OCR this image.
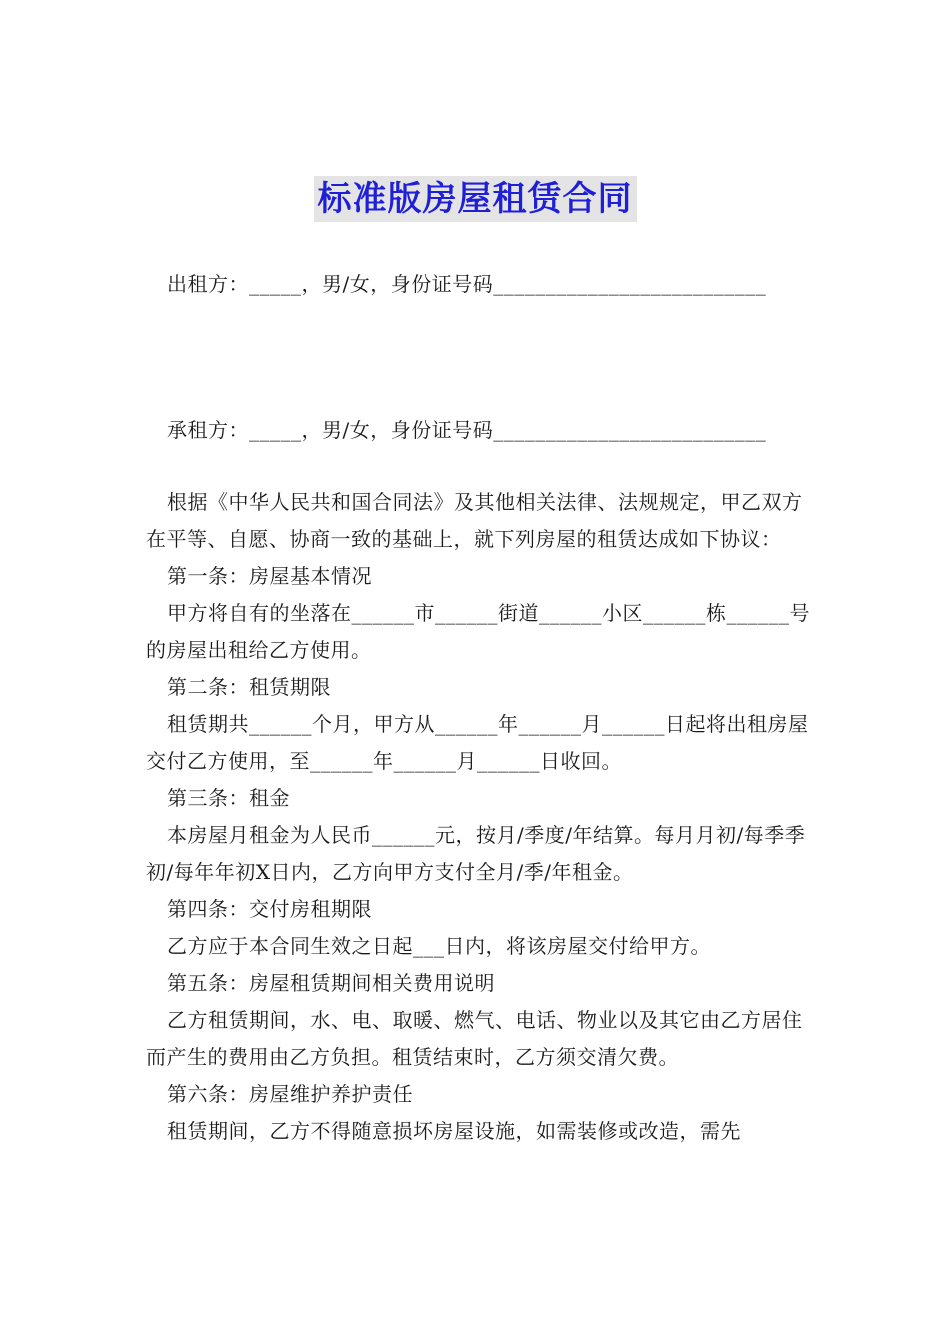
标准版房屋租赁合同

出租方：_____，男/女，身份证号码__________________________

承租方：_____，男/女，身份证号码__________________________

根据《中华人民共和国合同法》及其他相关法律、法规规定，甲乙双方在平等、自愿、协商一致的基础上，就下列房屋的租赁达成如下协议：

第一条：房屋基本情况

甲方将自有的坐落在______市______街道______小区______栋______号的房屋出租给乙方使用。

第二条：租赁期限

租赁期共______个月，甲方从______年______月______日起将出租房屋交付乙方使用，至______年______月______日收回。

第三条：租金

本房屋月租金为人民币______元，按月/季度/年结算。每月月初/每季季初/每年年初X日内，乙方向甲方支付全月/季/年租金。

第四条：交付房租期限

乙方应于本合同生效之日起___日内，将该房屋交付给甲方。

第五条：房屋租赁期间相关费用说明

乙方租赁期间，水、电、取暖、燃气、电话、物业以及其它由乙方居住而产生的费用由乙方负担。租赁结束时，乙方须交清欠费。

第六条：房屋维护养护责任

租赁期间，乙方不得随意损坏房屋设施，如需装修或改造，需先
